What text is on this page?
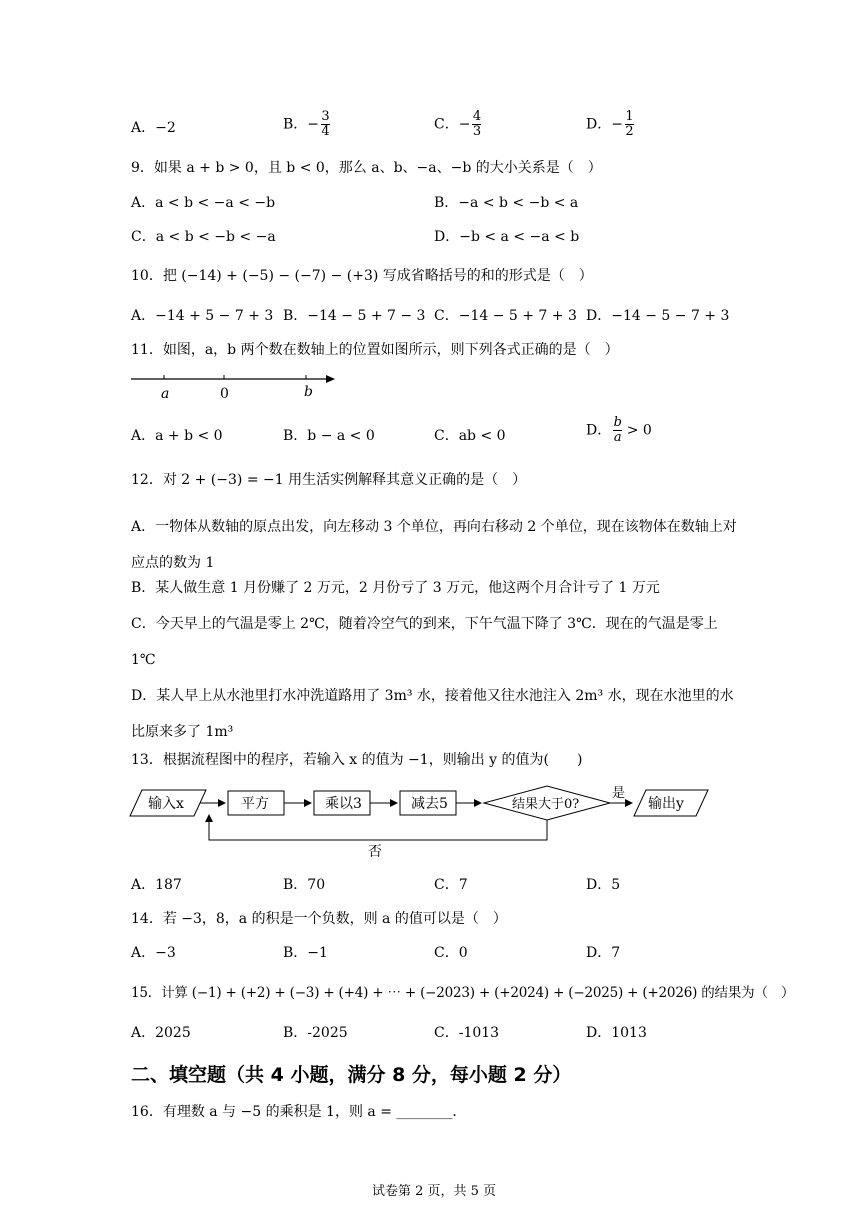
A．−2	B．− $\frac{3}{4}$	C．− $\frac{4}{3}$	D．− $\frac{1}{2}$
9．如果 a + b > 0，且 b < 0，那么 a、b、−a、−b 的大小关系是（　）
A．a < b < −a < −b	B．−a < b < −b < a
C．a < b < −b < −a	D．−b < a < −a < b
10．把 (−14) + (−5) − (−7) − (+3) 写成省略括号的和的形式是（　）
A．−14 + 5 − 7 + 3 B．−14 − 5 + 7 − 3 C．−14 − 5 + 7 + 3 D．−14 − 5 − 7 + 3
11．如图，a，b 两个数在数轴上的位置如图所示，则下列各式正确的是（　）
a	0	b
A．a + b < 0	B．b − a < 0	C．ab < 0	D． $\frac{b}{a} > 0$
12．对 2 + (−3) = −1 用生活实例解释其意义正确的是（　）
A．一物体从数轴的原点出发，向左移动 3 个单位，再向右移动 2 个单位，现在该物体在数轴上对应点的数为 1
B．某人做生意 1 月份赚了 2 万元，2 月份亏了 3 万元，他这两个月合计亏了 1 万元
C．今天早上的气温是零上 2℃，随着冷空气的到来，下午气温下降了 3℃．现在的气温是零上 1℃
D．某人早上从水池里打水冲洗道路用了 3m³ 水，接着他又往水池注入 2m³ 水，现在水池里的水比原来多了 1m³
13．根据流程图中的程序，若输入 x 的值为 −1，则输出 y 的值为(　　)
输入x	平方	乘以3	减去5	结果大于0?
是
输出y
否
A．187	B．70	C．7	D．5
14．若 −3，8，a 的积是一个负数，则 a 的值可以是（　）
A．−3	B．−1	C．0	D．7
15．计算 (−1) + (+2) + (−3) + (+4) + ⋯ + (−2023) + (+2024) + (−2025) + (+2026) 的结果为（　）
A．2025	B．-2025	C．-1013	D．1013
二、填空题（共 4 小题，满分 8 分，每小题 2 分）
16．有理数 a 与 −5 的乘积是 1，则 a = ________．
试卷第 2 页，共 5 页
